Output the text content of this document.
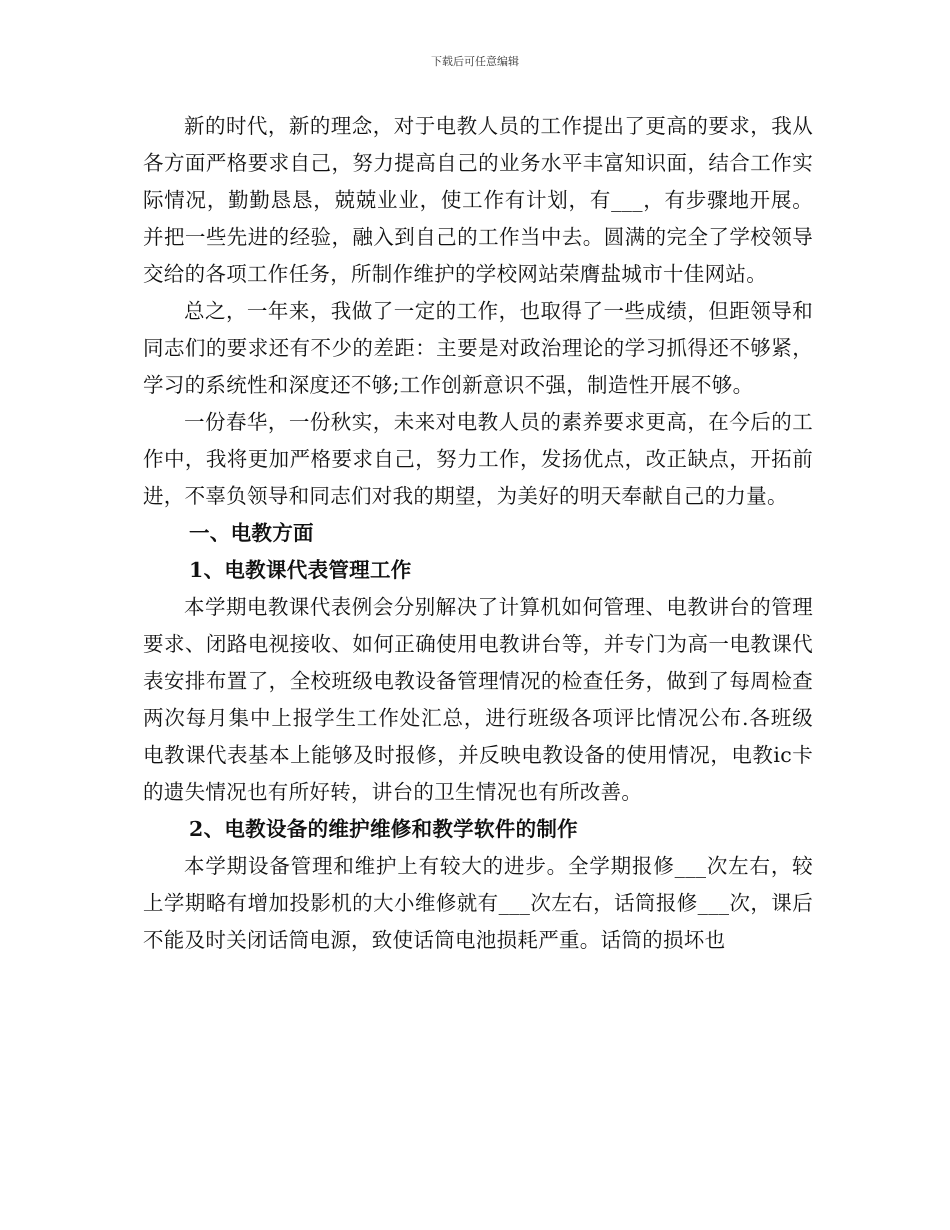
下载后可任意编辑

新的时代，新的理念，对于电教人员的工作提出了更高的要求，我从各方面严格要求自己，努力提高自己的业务水平丰富知识面，结合工作实际情况，勤勤恳恳，兢兢业业，使工作有计划，有___，有步骤地开展。并把一些先进的经验，融入到自己的工作当中去。圆满的完全了学校领导交给的各项工作任务，所制作维护的学校网站荣膺盐城市十佳网站。

总之，一年来，我做了一定的工作，也取得了一些成绩，但距领导和同志们的要求还有不少的差距：主要是对政治理论的学习抓得还不够紧，学习的系统性和深度还不够;工作创新意识不强，制造性开展不够。

一份春华，一份秋实，未来对电教人员的素养要求更高，在今后的工作中，我将更加严格要求自己，努力工作，发扬优点，改正缺点，开拓前进，不辜负领导和同志们对我的期望，为美好的明天奉献自己的力量。

一、电教方面

1、电教课代表管理工作

本学期电教课代表例会分别解决了计算机如何管理、电教讲台的管理要求、闭路电视接收、如何正确使用电教讲台等，并专门为高一电教课代表安排布置了，全校班级电教设备管理情况的检查任务，做到了每周检查两次每月集中上报学生工作处汇总，进行班级各项评比情况公布.各班级电教课代表基本上能够及时报修，并反映电教设备的使用情况，电教ic卡的遗失情况也有所好转，讲台的卫生情况也有所改善。

2、电教设备的维护维修和教学软件的制作

本学期设备管理和维护上有较大的进步。全学期报修___次左右，较上学期略有增加投影机的大小维修就有___次左右，话筒报修___次，课后不能及时关闭话筒电源，致使话筒电池损耗严重。话筒的损坏也
